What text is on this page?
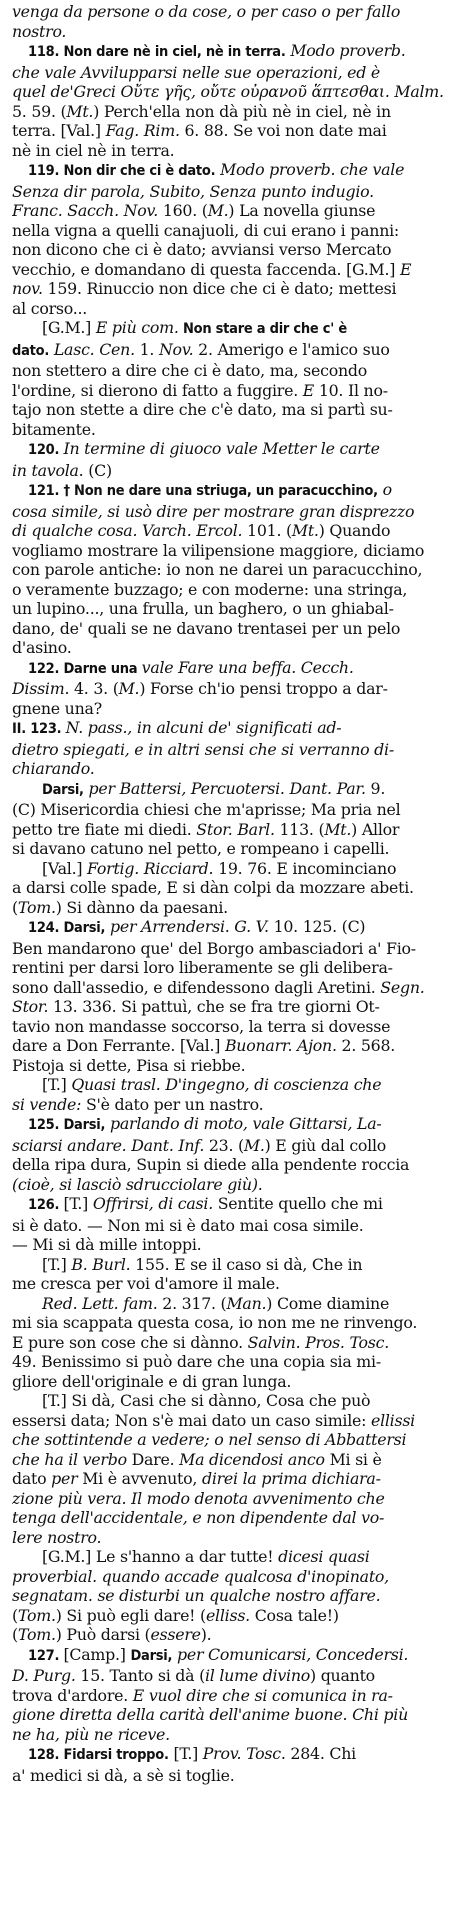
venga da persone o da cose, o per caso o per fallo
nostro.
118. Non dare nè in ciel, nè in terra. Modo proverb.
che vale Avvilupparsi nelle sue operazioni, ed è
quel de'Greci Οὔτε γῆς, οὔτε οὐρανοῦ ἅπτεσθαι. Malm.
5. 59. (Mt.) Perch'ella non dà più nè in ciel, nè in
terra. [Val.] Fag. Rim. 6. 88. Se voi non date mai
nè in ciel nè in terra.
119. Non dir che ci è dato. Modo proverb. che vale
Senza dir parola, Subito, Senza punto indugio.
Franc. Sacch. Nov. 160. (M.) La novella giunse
nella vigna a quelli canajuoli, di cui erano i panni:
non dicono che ci è dato; avviansi verso Mercato
vecchio, e domandano di questa faccenda. [G.M.] E
nov. 159. Rinuccio non dice che ci è dato; mettesi
al corso...
[G.M.] E più com. Non stare a dir che c' è
dato. Lasc. Cen. 1. Nov. 2. Amerigo e l'amico suo
non stettero a dire che ci è dato, ma, secondo
l'ordine, si dierono di fatto a fuggire. E 10. Il no-
tajo non stette a dire che c'è dato, ma si partì su-
bitamente.
120. In termine di giuoco vale Metter le carte
in tavola. (C)
121. † Non ne dare una striuga, un paracucchino, o
cosa simile, si usò dire per mostrare gran disprezzo
di qualche cosa. Varch. Ercol. 101. (Mt.) Quando
vogliamo mostrare la vilipensione maggiore, diciamo
con parole antiche: io non ne darei un paracucchino,
o veramente buzzago; e con moderne: una stringa,
un lupino..., una frulla, un baghero, o un ghiabal-
dano, de' quali se ne davano trentasei per un pelo
d'asino.
122. Darne una vale Fare una beffa. Cecch.
Dissim. 4. 3. (M.) Forse ch'io pensi troppo a dar-
gnene una?
II. 123. N. pass., in alcuni de' significati ad-
dietro spiegati, e in altri sensi che si verranno di-
chiarando.
Darsi, per Battersi, Percuotersi. Dant. Par. 9.
(C) Misericordia chiesi che m'aprisse; Ma pria nel
petto tre fiate mi diedi. Stor. Barl. 113. (Mt.) Allor
si davano catuno nel petto, e rompeano i capelli.
[Val.] Fortig. Ricciard. 19. 76. E incominciano
a darsi colle spade, E si dàn colpi da mozzare abeti.
(Tom.) Si dànno da paesani.
124. Darsi, per Arrendersi. G. V. 10. 125. (C)
Ben mandarono que' del Borgo ambasciadori a' Fio-
rentini per darsi loro liberamente se gli delibera-
sono dall'assedio, e difendessono dagli Aretini. Segn.
Stor. 13. 336. Si pattuì, che se fra tre giorni Ot-
tavio non mandasse soccorso, la terra si dovesse
dare a Don Ferrante. [Val.] Buonarr. Ajon. 2. 568.
Pistoja si dette, Pisa si riebbe.
[T.] Quasi trasl. D'ingegno, di coscienza che
si vende: S'è dato per un nastro.
125. Darsi, parlando di moto, vale Gittarsi, La-
sciarsi andare. Dant. Inf. 23. (M.) E giù dal collo
della ripa dura, Supin si diede alla pendente roccia
(cioè, si lasciò sdrucciolare giù).
126. [T.] Offrirsi, di casi. Sentite quello che mi
si è dato. — Non mi si è dato mai cosa simile.
— Mi si dà mille intoppi.
[T.] B. Burl. 155. E se il caso si dà, Che in
me cresca per voi d'amore il male.
Red. Lett. fam. 2. 317. (Man.) Come diamine
mi sia scappata questa cosa, io non me ne rinvengo.
E pure son cose che si dànno. Salvin. Pros. Tosc.
49. Benissimo si può dare che una copia sia mi-
gliore dell'originale e di gran lunga.
[T.] Si dà, Casi che si dànno, Cosa che può
essersi data; Non s'è mai dato un caso simile: ellissi
che sottintende a vedere; o nel senso di Abbattersi
che ha il verbo Dare. Ma dicendosi anco Mi si è
dato per Mi è avvenuto, direi la prima dichiara-
zione più vera. Il modo denota avvenimento che
tenga dell'accidentale, e non dipendente dal vo-
lere nostro.
[G.M.] Le s'hanno a dar tutte! dicesi quasi
proverbial. quando accade qualcosa d'inopinato,
segnatam. se disturbi un qualche nostro affare.
(Tom.) Si può egli dare! (elliss. Cosa tale!)
(Tom.) Può darsi (essere).
127. [Camp.] Darsi, per Comunicarsi, Concedersi.
D. Purg. 15. Tanto si dà (il lume divino) quanto
trova d'ardore. E vuol dire che si comunica in ra-
gione diretta della carità dell'anime buone. Chi più
ne ha, più ne riceve.
128. Fidarsi troppo. [T.] Prov. Tosc. 284. Chi
a' medici si dà, a sè si toglie.
